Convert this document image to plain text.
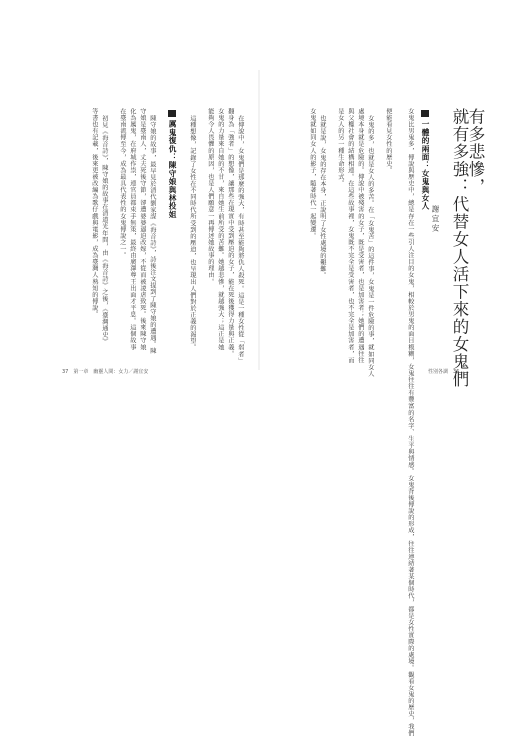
有多悲慘，
就有多強：代替女人活下來的女鬼們
謝宜安
一體的兩面：女鬼與女人
女鬼比男鬼多，傳說與歷史中，總是存在一些引人注目的女鬼，相較於男鬼的面目模糊，女鬼往往有豐富的名字、生平與情感。女鬼背後傳說的形成，往往連結著某個時代，都是女性實際的處境。觀看女鬼的歷史，我們
便能看見女性的歷史。
女鬼的多，也就是女人的多苦。在「女鬼苦」的這件事，女鬼是一件危險的事，就如同女人
處境本身就是危險的。傳說中被殘害的女子，既是受害者，也是加害者；她們的遭遇往往
與父權社會的結構相連。在這些故事裡，女鬼既不完全是受害者，也不完全是加害者，而
是女人的另一種生命形式。
也就是說，女鬼的存在本身，正說明了女性處境的艱難。
女鬼就如同女人的影子，隨著時代一起變遷。
在傳說中，女鬼們是那麼的強大，有時甚至能夠將仇人殺死。這是一種女性從「弱者」
翻身為「強者」的想像，讓那些在現實中受到壓迫的女子，能在死後獲得力量與正義。
女鬼的力量來自她的不甘，來自她生前所受的苦難。她越悲慘，就越強大；這正是她
能夠令人畏懼的原因，也是人們願意一再傳述她故事的理由。
這種想像，記錄了女性在不同時代所受到的壓迫，也呈現出人們對於正義的渴望。
厲鬼復仇：陳守娘與林投姐
陳守娘的故事，最早見於清代劉家謀《海音詩》，詩後注文提到了陳守娘的遭遇。陳
守娘是臺南人，丈夫死後守節，卻遭婆婆逼迫改嫁，不從而被凌虐致死。後來陳守娘
化為厲鬼，在府城作祟，連官員都束手無策，最終由廣澤尊王出面才平息。這個故事
在臺南流傳至今，成為最具代表性的女鬼傳說之一。
初見《海音詩》，陳守娘的故事在清道光年間，由《海音詩》之後，《臺灣通史》
等書也有記載，後來更被改編為歌仔戲與電影，成為臺灣人熟知的傳說。
37　第一章　幽靈人間：女力／謝宜安	性別各調　36
